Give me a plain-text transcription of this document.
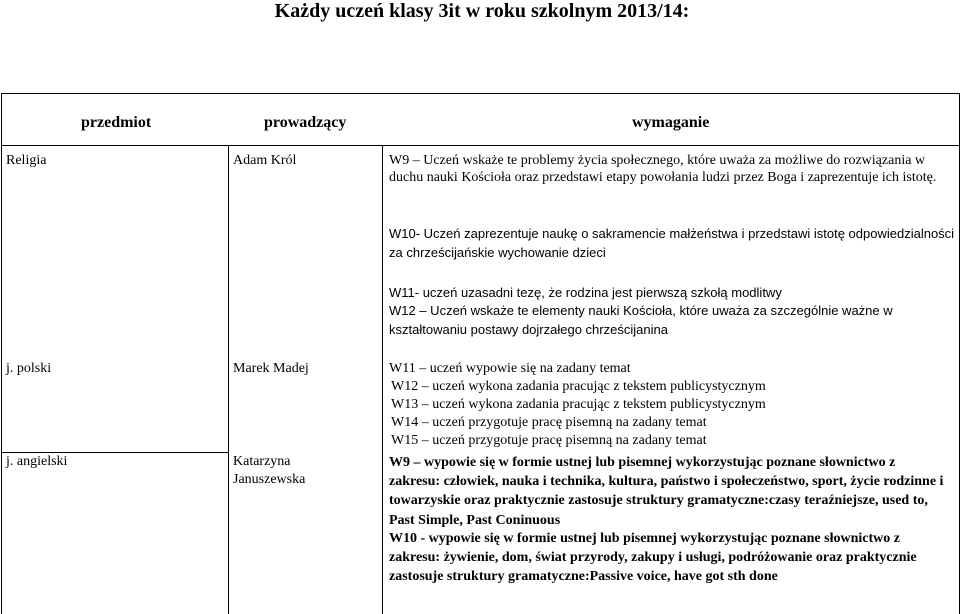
Każdy uczeń klasy 3it w roku szkolnym 2013/14:
przedmiot	prowadzący	wymaganie
Religia	Adam Król	W9 – Uczeń wskaże te problemy życia społecznego, które uważa za możliwe do rozwiązania w duchu nauki Kościoła oraz przedstawi etapy powołania ludzi przez Boga i zaprezentuje ich istotę.
W10- Uczeń zaprezentuje naukę o sakramencie małżeństwa i przedstawi istotę odpowiedzialności za chrześcijańskie wychowanie dzieci
W11- uczeń uzasadni tezę, że rodzina jest pierwszą szkołą modlitwy
W12 – Uczeń wskaże te elementy nauki Kościoła, które uważa za szczególnie ważne w kształtowaniu postawy dojrzałego chrześcijanina
j. polski	Marek Madej	W11 – uczeń wypowie się na zadany temat
W12 – uczeń wykona zadania pracując z tekstem publicystycznym
W13 – uczeń wykona zadania pracując z tekstem publicystycznym
W14 – uczeń przygotuje pracę pisemną na zadany temat
W15 – uczeń przygotuje pracę pisemną na zadany temat
j. angielski	Katarzyna Januszewska
W9 – wypowie się w formie ustnej lub pisemnej wykorzystując poznane słownictwo z zakresu: człowiek, nauka i technika, kultura, państwo i społeczeństwo, sport, życie rodzinne i towarzyskie oraz praktycznie zastosuje struktury gramatyczne:czasy teraźniejsze, used to, Past Simple, Past Coninuous
W10 - wypowie się w formie ustnej lub pisemnej wykorzystując poznane słownictwo z zakresu: żywienie, dom, świat przyrody, zakupy i usługi, podróżowanie oraz praktycznie zastosuje struktury gramatyczne:Passive voice, have got sth done
